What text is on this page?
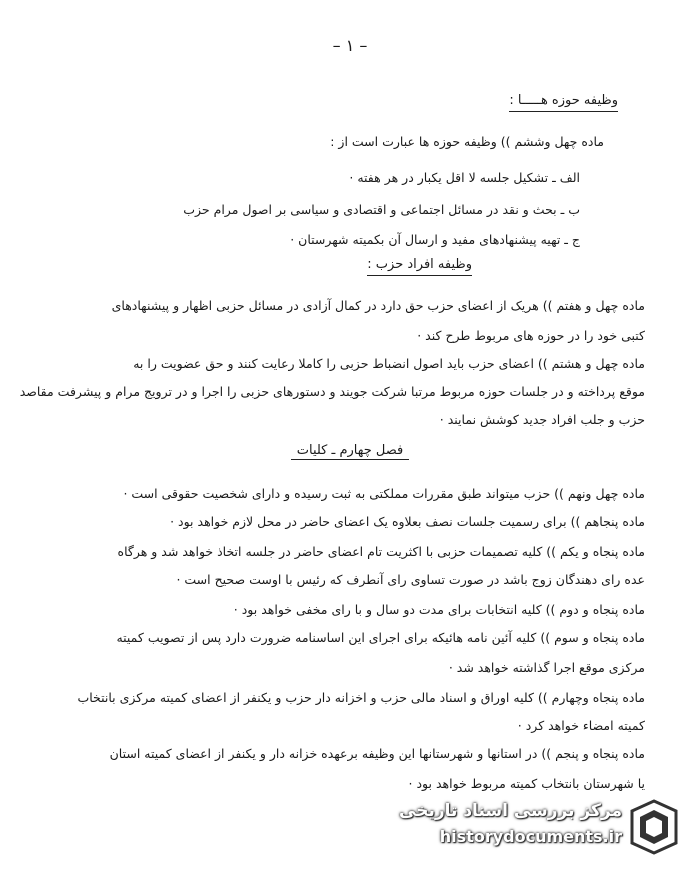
– ۱ –
وظیفه حوزه هـــــا :
ماده چهل وششم )) وظیفه حوزه ها عبارت است از :
الف ـ تشکیل جلسه لا اقل یکبار در هر هفته ·
ب ـ بحث و نقد در مسائل اجتماعی و اقتصادی و سیاسی بر اصول مرام حزب
ج ـ تهیه پیشنهادهای مفید و ارسال آن بکمیته شهرستان ·
وظیفه افراد حزب :
ماده چهل و هفتم )) هریک از اعضای حزب حق دارد در کمال آزادی در مسائل حزبی اظهار و پیشنهادهای
کتبی خود را در حوزه های مربوط طرح کند ·
ماده چهل و هشتم )) اعضای حزب باید اصول انضباط حزبی را کاملا رعایت کنند و حق عضویت را به
موقع پرداخته و در جلسات حوزه مربوط مرتبا شرکت جویند و دستورهای حزبی را اجرا و در ترویج مرام و پیشرفت مقاصد
حزب و جلب افراد جدید کوشش نمایند ·
فصل چهارم ـ کلیات
ماده چهل ونهم )) حزب میتواند طبق مقررات مملکتی به ثبت رسیده و دارای شخصیت حقوقی است ·
ماده پنجاهم )) برای رسمیت جلسات نصف بعلاوه یک اعضای حاضر در محل لازم خواهد بود ·
ماده پنجاه و یکم )) کلیه تصمیمات حزبی با اکثریت تام اعضای حاضر در جلسه اتخاذ خواهد شد و هرگاه
عده رای دهندگان زوج باشد در صورت تساوی رای آنطرف که رئیس با اوست صحیح است ·
ماده پنجاه و دوم )) کلیه انتخابات برای مدت دو سال و با رای مخفی خواهد بود ·
ماده پنجاه و سوم )) کلیه آئین نامه هائیکه برای اجرای این اساسنامه ضرورت دارد پس از تصویب کمیته
مرکزی موقع اجرا گذاشته خواهد شد ·
ماده پنجاه وچهارم )) کلیه اوراق و اسناد مالی حزب و اخزانه دار حزب و یکنفر از اعضای کمیته مرکزی بانتخاب
کمیته امضاء خواهد کرد ·
ماده پنجاه و پنجم )) در استانها و شهرستانها این وظیفه برعهده خزانه دار و یکنفر از اعضای کمیته استان
یا شهرستان بانتخاب کمیته مربوط خواهد بود ·
مرکز بررسی اسناد تاریخی
historydocuments.ir
